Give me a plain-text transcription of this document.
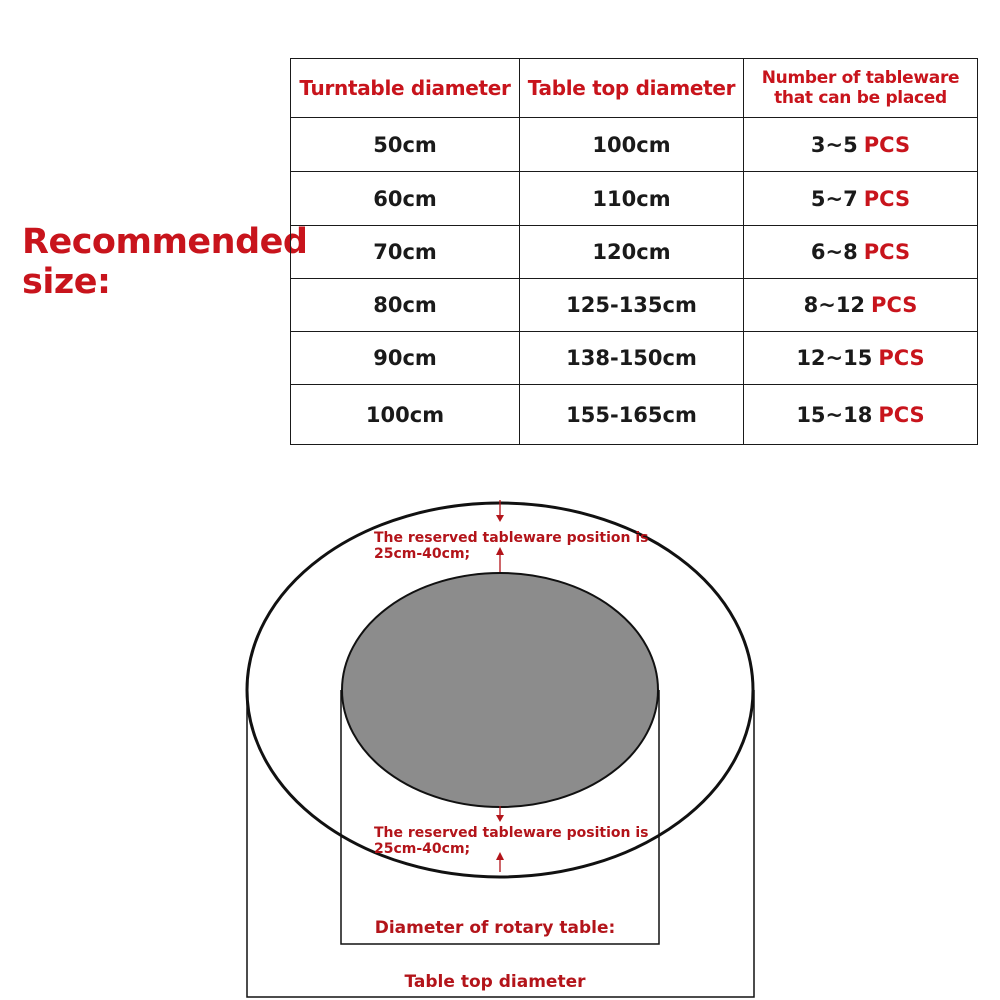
Recommended size:
Turntable diameter	Table top diameter	Number of tableware that can be placed
50cm	100cm	3~5 PCS
60cm	110cm	5~7 PCS
70cm	120cm	6~8 PCS
80cm	125-135cm	8~12 PCS
90cm	138-150cm	12~15 PCS
100cm	155-165cm	15~18 PCS
The reserved tableware position is
25cm-40cm;
The reserved tableware position is
25cm-40cm;
Diameter of rotary table:
Table top diameter
